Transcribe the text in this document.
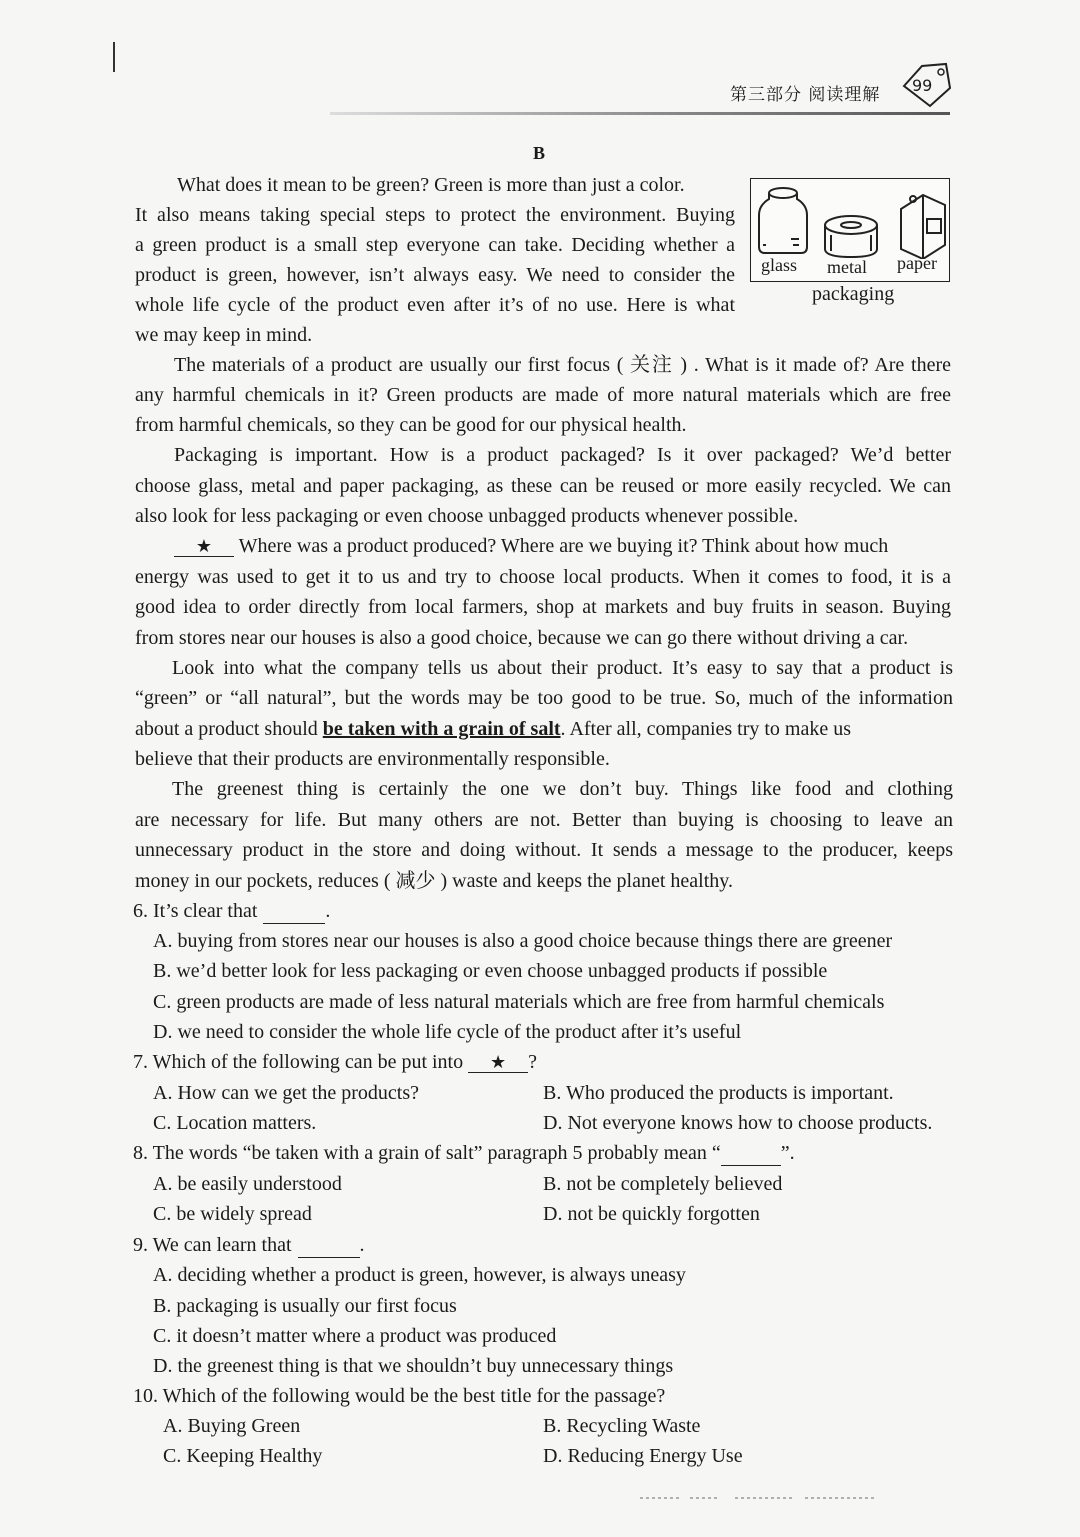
第三部分 阅读理解 99
B
glass metal paper
packaging
What does it mean to be green? Green is more than just a color.
It also means taking special steps to protect the environment. Buying
a green product is a small step everyone can take. Deciding whether a
product is green, however, isn’t always easy. We need to consider the
whole life cycle of the product even after it’s of no use. Here is what
we may keep in mind.
The materials of a product are usually our first focus ( 关注 ) . What is it made of? Are there
any harmful chemicals in it? Green products are made of more natural materials which are free
from harmful chemicals, so they can be good for our physical health.
Packaging is important. How is a product packaged? Is it over packaged? We’d better
choose glass, metal and paper packaging, as these can be reused or more easily recycled. We can
also look for less packaging or even choose unbagged products whenever possible.
★ Where was a product produced? Where are we buying it? Think about how much
energy was used to get it to us and try to choose local products. When it comes to food, it is a
good idea to order directly from local farmers, shop at markets and buy fruits in season. Buying
from stores near our houses is also a good choice, because we can go there without driving a car.
Look into what the company tells us about their product. It’s easy to say that a product is
“green” or “all natural”, but the words may be too good to be true. So, much of the information
about a product should be taken with a grain of salt. After all, companies try to make us
believe that their products are environmentally responsible.
The greenest thing is certainly the one we don’t buy. Things like food and clothing
are necessary for life. But many others are not. Better than buying is choosing to leave an
unnecessary product in the store and doing without. It sends a message to the producer, keeps
money in our pockets, reduces ( 减少 ) waste and keeps the planet healthy.
6. It’s clear that	.
A. buying from stores near our houses is also a good choice because things there are greener
B. we’d better look for less packaging or even choose unbagged products if possible
C. green products are made of less natural materials which are free from harmful chemicals
D. we need to consider the whole life cycle of the product after it’s useful
7. Which of the following can be put into ★ ?
A. How can we get the products?	B. Who produced the products is important.
C. Location matters.	D. Not everyone knows how to choose products.
8. The words “be taken with a grain of salt” paragraph 5 probably mean “	”.
A. be easily understood	B. not be completely believed
C. be widely spread	D. not be quickly forgotten
9. We can learn that	.
A. deciding whether a product is green, however, is always uneasy
B. packaging is usually our first focus
C. it doesn’t matter where a product was produced
D. the greenest thing is that we shouldn’t buy unnecessary things
10. Which of the following would be the best title for the passage?
A. Buying Green	B. Recycling Waste
C. Keeping Healthy	D. Reducing Energy Use
